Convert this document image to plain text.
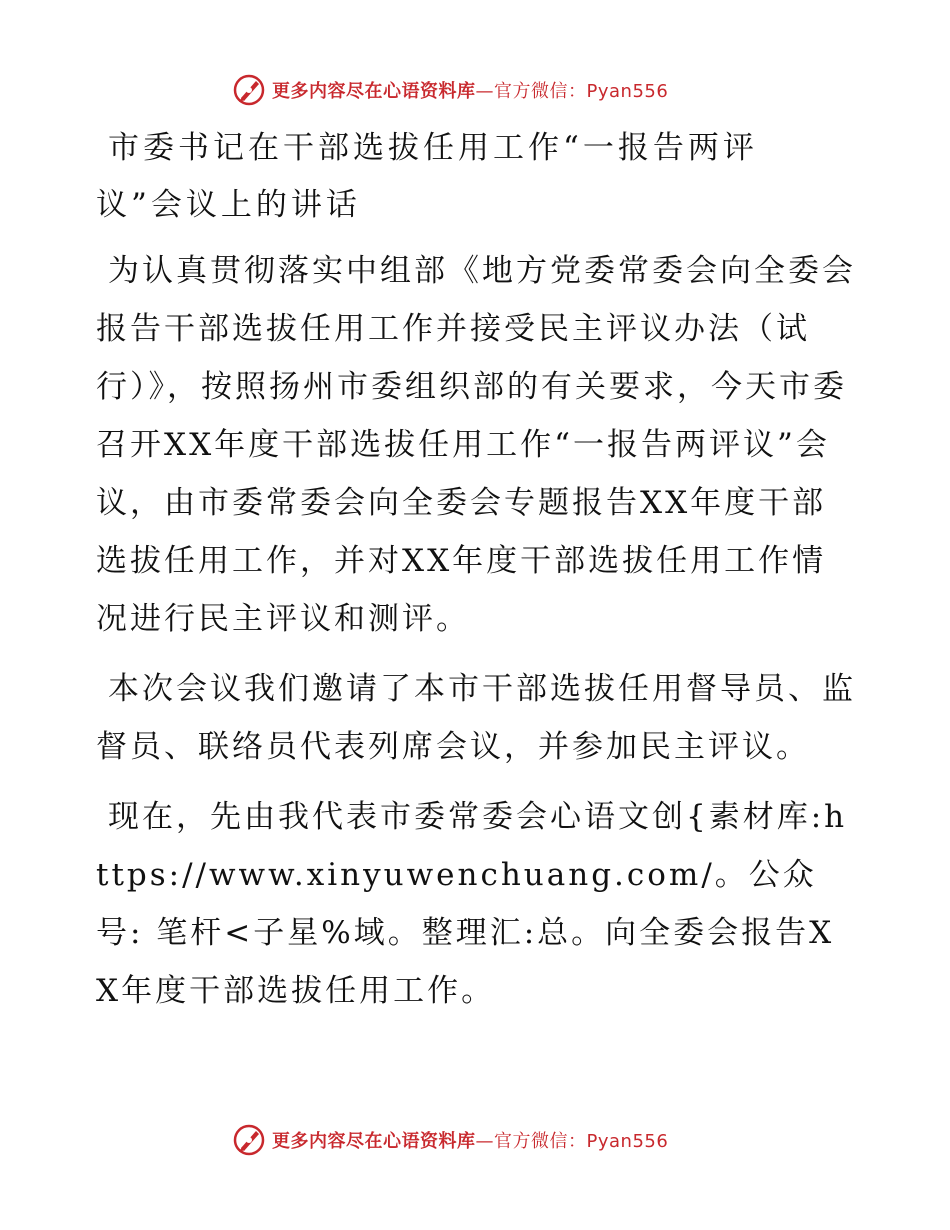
更多内容尽在心语资料库—官方微信：Pyan556
市委书记在干部选拔任用工作“一报告两评
议”会议上的讲话

为认真贯彻落实中组部《地方党委常委会向全委会报告干部选拔任用工作并接受民主评议办法（试行）》，按照扬州市委组织部的有关要求，今天市委召开XX年度干部选拔任用工作“一报告两评议”会议，由市委常委会向全委会专题报告XX年度干部选拔任用工作，并对XX年度干部选拔任用工作情况进行民主评议和测评。

本次会议我们邀请了本市干部选拔任用督导员、监督员、联络员代表列席会议，并参加民主评议。

现在，先由我代表市委常委会心语文创{素材库:https://www.xinyuwenchuang.com/。公众号: 笔杆<子星%域。整理汇:总。向全委会报告XX年度干部选拔任用工作。

更多内容尽在心语资料库—官方微信：Pyan556
